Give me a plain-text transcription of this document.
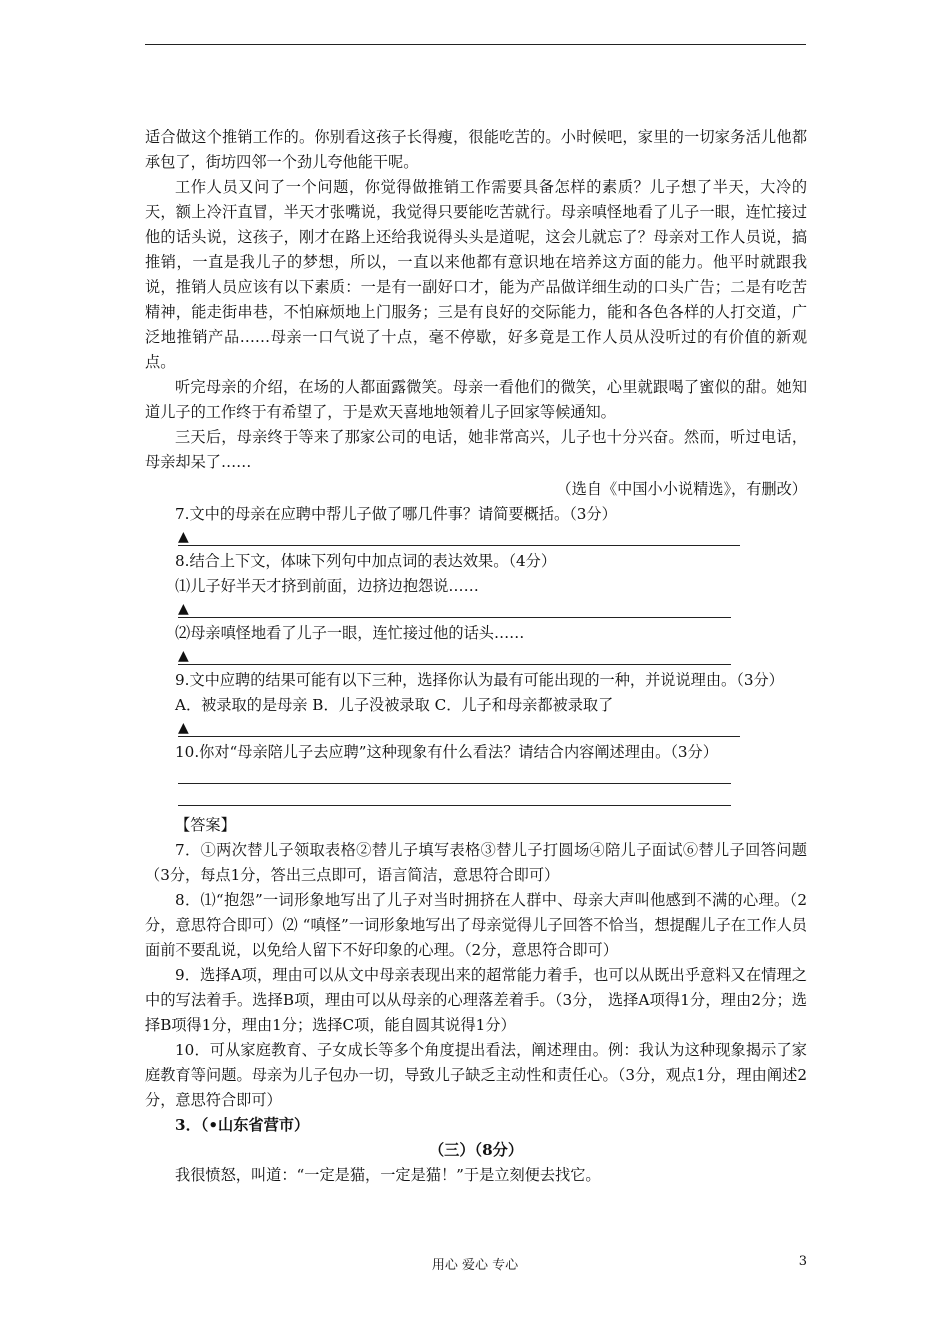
适合做这个推销工作的。你别看这孩子长得瘦，很能吃苦的。小时候吧，家里的一切家务活儿他都承包了，街坊四邻一个劲儿夸他能干呢。

工作人员又问了一个问题，你觉得做推销工作需要具备怎样的素质？儿子想了半天，大冷的天，额上冷汗直冒，半天才张嘴说，我觉得只要能吃苦就行。母亲嗔怪地看了儿子一眼，连忙接过他的话头说，这孩子，刚才在路上还给我说得头头是道呢，这会儿就忘了？母亲对工作人员说，搞推销，一直是我儿子的梦想，所以，一直以来他都有意识地在培养这方面的能力。他平时就跟我说，推销人员应该有以下素质：一是有一副好口才，能为产品做详细生动的口头广告；二是有吃苦精神，能走街串巷，不怕麻烦地上门服务；三是有良好的交际能力，能和各色各样的人打交道，广泛地推销产品……母亲一口气说了十点，毫不停歇，好多竟是工作人员从没听过的有价值的新观点。

听完母亲的介绍，在场的人都面露微笑。母亲一看他们的微笑，心里就跟喝了蜜似的甜。她知道儿子的工作终于有希望了，于是欢天喜地地领着儿子回家等候通知。

三天后，母亲终于等来了那家公司的电话，她非常高兴，儿子也十分兴奋。然而，听过电话，母亲却呆了……

（选自《中国小小说精选》，有删改）

7.文中的母亲在应聘中帮儿子做了哪几件事？请简要概括。（3分）

▲

8.结合上下文，体味下列句中加点词的表达效果。（4分）

⑴儿子好半天才挤到前面，边挤边抱怨说……

▲

⑵母亲嗔怪地看了儿子一眼，连忙接过他的话头……

▲

9.文中应聘的结果可能有以下三种，选择你认为最有可能出现的一种，并说说理由。（3分）

A．被录取的是母亲 B．儿子没被录取 C．儿子和母亲都被录取了

▲

10.你对“母亲陪儿子去应聘”这种现象有什么看法？请结合内容阐述理由。（3分）

【答案】

7．①两次替儿子领取表格②替儿子填写表格③替儿子打圆场④陪儿子面试⑥替儿子回答问题（3分，每点1分，答出三点即可，语言简洁，意思符合即可）

8．⑴“抱怨”一词形象地写出了儿子对当时拥挤在人群中、母亲大声叫他感到不满的心理。（2分，意思符合即可）⑵ “嗔怪”一词形象地写出了母亲觉得儿子回答不恰当，想提醒儿子在工作人员面前不要乱说，以免给人留下不好印象的心理。（2分，意思符合即可）

9．选择A项，理由可以从文中母亲表现出来的超常能力着手，也可以从既出乎意料又在情理之中的写法着手。选择B项，理由可以从母亲的心理落差着手。（3分， 选择A项得1分，理由2分；选择B项得1分，理由1分；选择C项，能自圆其说得1分）

10．可从家庭教育、子女成长等多个角度提出看法，阐述理由。例：我认为这种现象揭示了家庭教育等问题。母亲为儿子包办一切，导致儿子缺乏主动性和责任心。（3分，观点1分，理由阐述2分，意思符合即可）

3．（•山东省营市）

（三）（8分）

我很愤怒，叫道：“一定是猫，一定是猫！”于是立刻便去找它。

用心 爱心 专心	3
